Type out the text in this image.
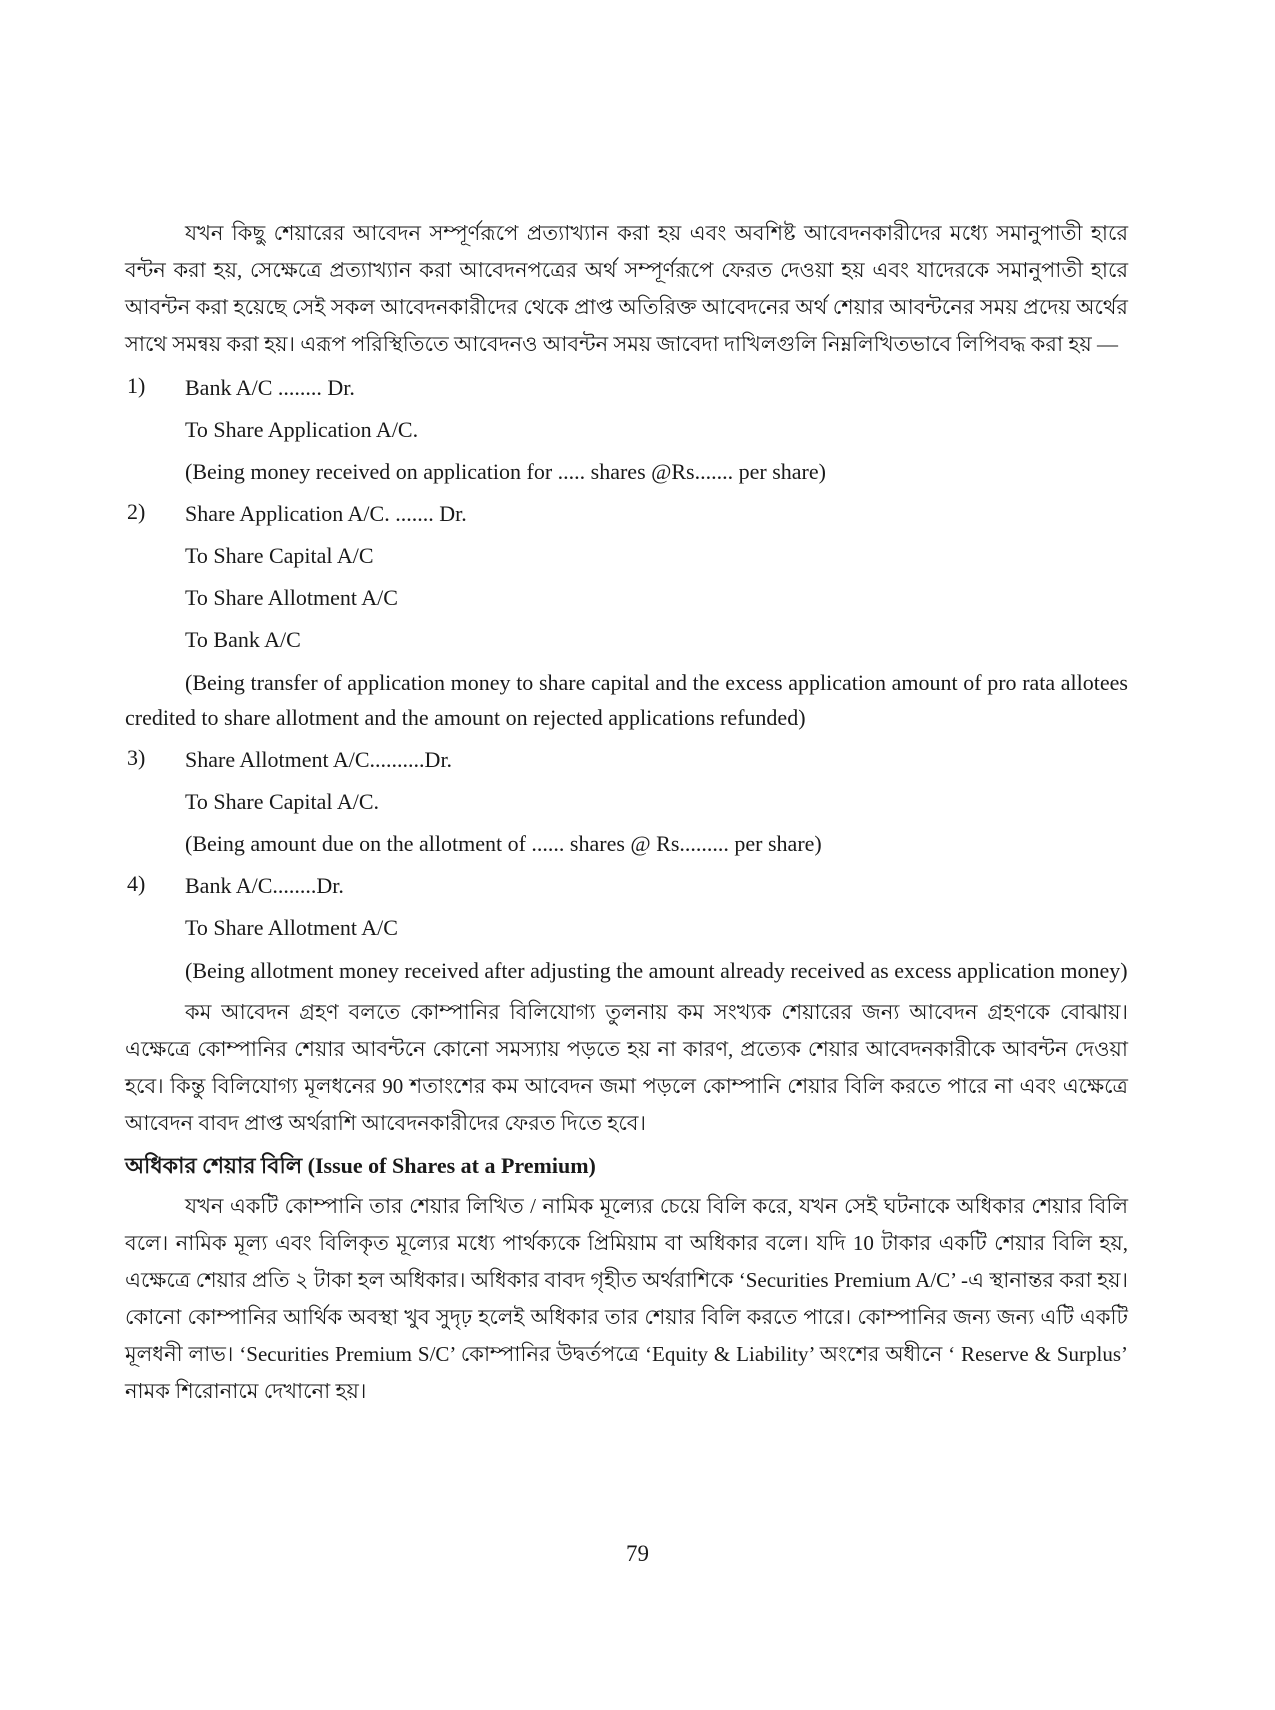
যখন কিছু শেয়ারের আবেদন সম্পূর্ণরূপে প্রত্যাখ্যান করা হয় এবং অবশিষ্ট আবেদনকারীদের মধ্যে সমানুপাতী হারে বন্টন করা হয়, সেক্ষেত্রে প্রত্যাখ্যান করা আবেদনপত্রের অর্থ সম্পূর্ণরূপে ফেরত দেওয়া হয় এবং যাদেরকে সমানুপাতী হারে আবন্টন করা হয়েছে সেই সকল আবেদনকারীদের থেকে প্রাপ্ত অতিরিক্ত আবেদনের অর্থ শেয়ার আবন্টনের সময় প্রদেয় অর্থের সাথে সমন্বয় করা হয়। এরূপ পরিস্থিতিতে আবেদনও আবন্টন সময় জাবেদা দাখিলগুলি নিম্নলিখিতভাবে লিপিবদ্ধ করা হয় —

1) Bank A/C ........ Dr.

To Share Application A/C.

(Being money received on application for ..... shares @Rs....... per share)

2) Share Application A/C. ....... Dr.

To Share Capital A/C

To Share Allotment A/C

To Bank A/C

(Being transfer of application money to share capital and the excess application amount of pro rata allotees credited to share allotment and the amount on rejected applications refunded)

3) Share Allotment A/C..........Dr.

To Share Capital A/C.

(Being amount due on the allotment of ...... shares @ Rs......... per share)

4) Bank A/C........Dr.

To Share Allotment A/C

(Being allotment money received after adjusting the amount already received as excess application money)

কম আবেদন গ্রহণ বলতে কোম্পানির বিলিযোগ্য তুলনায় কম সংখ্যক শেয়ারের জন্য আবেদন গ্রহণকে বোঝায়। এক্ষেত্রে কোম্পানির শেয়ার আবন্টনে কোনো সমস্যায় পড়তে হয় না কারণ, প্রত্যেক শেয়ার আবেদনকারীকে আবন্টন দেওয়া হবে। কিন্তু বিলিযোগ্য মূলধনের 90 শতাংশের কম আবেদন জমা পড়লে কোম্পানি শেয়ার বিলি করতে পারে না এবং এক্ষেত্রে আবেদন বাবদ প্রাপ্ত অর্থরাশি আবেদনকারীদের ফেরত দিতে হবে।

অধিকার শেয়ার বিলি (Issue of Shares at a Premium)

যখন একটি কোম্পানি তার শেয়ার লিখিত / নামিক মূল্যের চেয়ে বিলি করে, যখন সেই ঘটনাকে অধিকার শেয়ার বিলি বলে। নামিক মূল্য এবং বিলিকৃত মূল্যের মধ্যে পার্থক্যকে প্রিমিয়াম বা অধিকার বলে। যদি 10 টাকার একটি শেয়ার বিলি হয়, এক্ষেত্রে শেয়ার প্রতি ২ টাকা হল অধিকার। অধিকার বাবদ গৃহীত অর্থরাশিকে ‘Securities Premium A/C’ -এ স্থানান্তর করা হয়। কোনো কোম্পানির আর্থিক অবস্থা খুব সুদৃঢ় হলেই অধিকার তার শেয়ার বিলি করতে পারে। কোম্পানির জন্য জন্য এটি একটি মূলধনী লাভ। ‘Securities Premium S/C’ কোম্পানির উদ্বর্তপত্রে ‘Equity & Liability’ অংশের অধীনে ‘ Reserve & Surplus’ নামক শিরোনামে দেখানো হয়।

79
